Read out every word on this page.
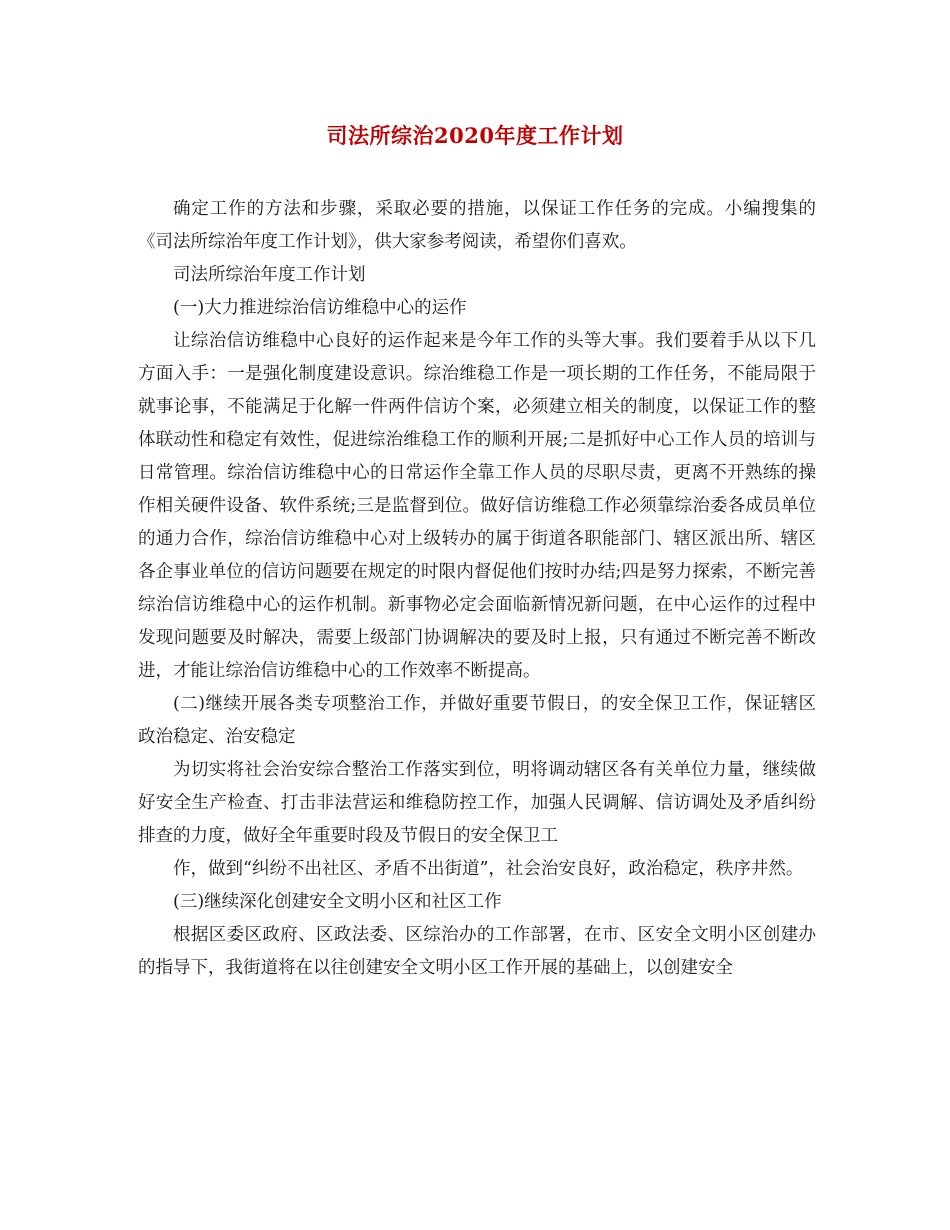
司法所综治2020年度工作计划

确定工作的方法和步骤，采取必要的措施，以保证工作任务的完成。小编搜集的《司法所综治年度工作计划》，供大家参考阅读，希望你们喜欢。

司法所综治年度工作计划

(一)大力推进综治信访维稳中心的运作

让综治信访维稳中心良好的运作起来是今年工作的头等大事。我们要着手从以下几方面入手：一是强化制度建设意识。综治维稳工作是一项长期的工作任务，不能局限于就事论事，不能满足于化解一件两件信访个案，必须建立相关的制度，以保证工作的整体联动性和稳定有效性，促进综治维稳工作的顺利开展;二是抓好中心工作人员的培训与日常管理。综治信访维稳中心的日常运作全靠工作人员的尽职尽责，更离不开熟练的操作相关硬件设备、软件系统;三是监督到位。做好信访维稳工作必须靠综治委各成员单位的通力合作，综治信访维稳中心对上级转办的属于街道各职能部门、辖区派出所、辖区各企事业单位的信访问题要在规定的时限内督促他们按时办结;四是努力探索，不断完善综治信访维稳中心的运作机制。新事物必定会面临新情况新问题，在中心运作的过程中发现问题要及时解决，需要上级部门协调解决的要及时上报，只有通过不断完善不断改进，才能让综治信访维稳中心的工作效率不断提高。

(二)继续开展各类专项整治工作，并做好重要节假日，的安全保卫工作，保证辖区政治稳定、治安稳定

为切实将社会治安综合整治工作落实到位，明将调动辖区各有关单位力量，继续做好安全生产检查、打击非法营运和维稳防控工作，加强人民调解、信访调处及矛盾纠纷排查的力度，做好全年重要时段及节假日的安全保卫工

作，做到“纠纷不出社区、矛盾不出街道”，社会治安良好，政治稳定，秩序井然。

(三)继续深化创建安全文明小区和社区工作

根据区委区政府、区政法委、区综治办的工作部署，在市、区安全文明小区创建办的指导下，我街道将在以往创建安全文明小区工作开展的基础上，以创建安全
